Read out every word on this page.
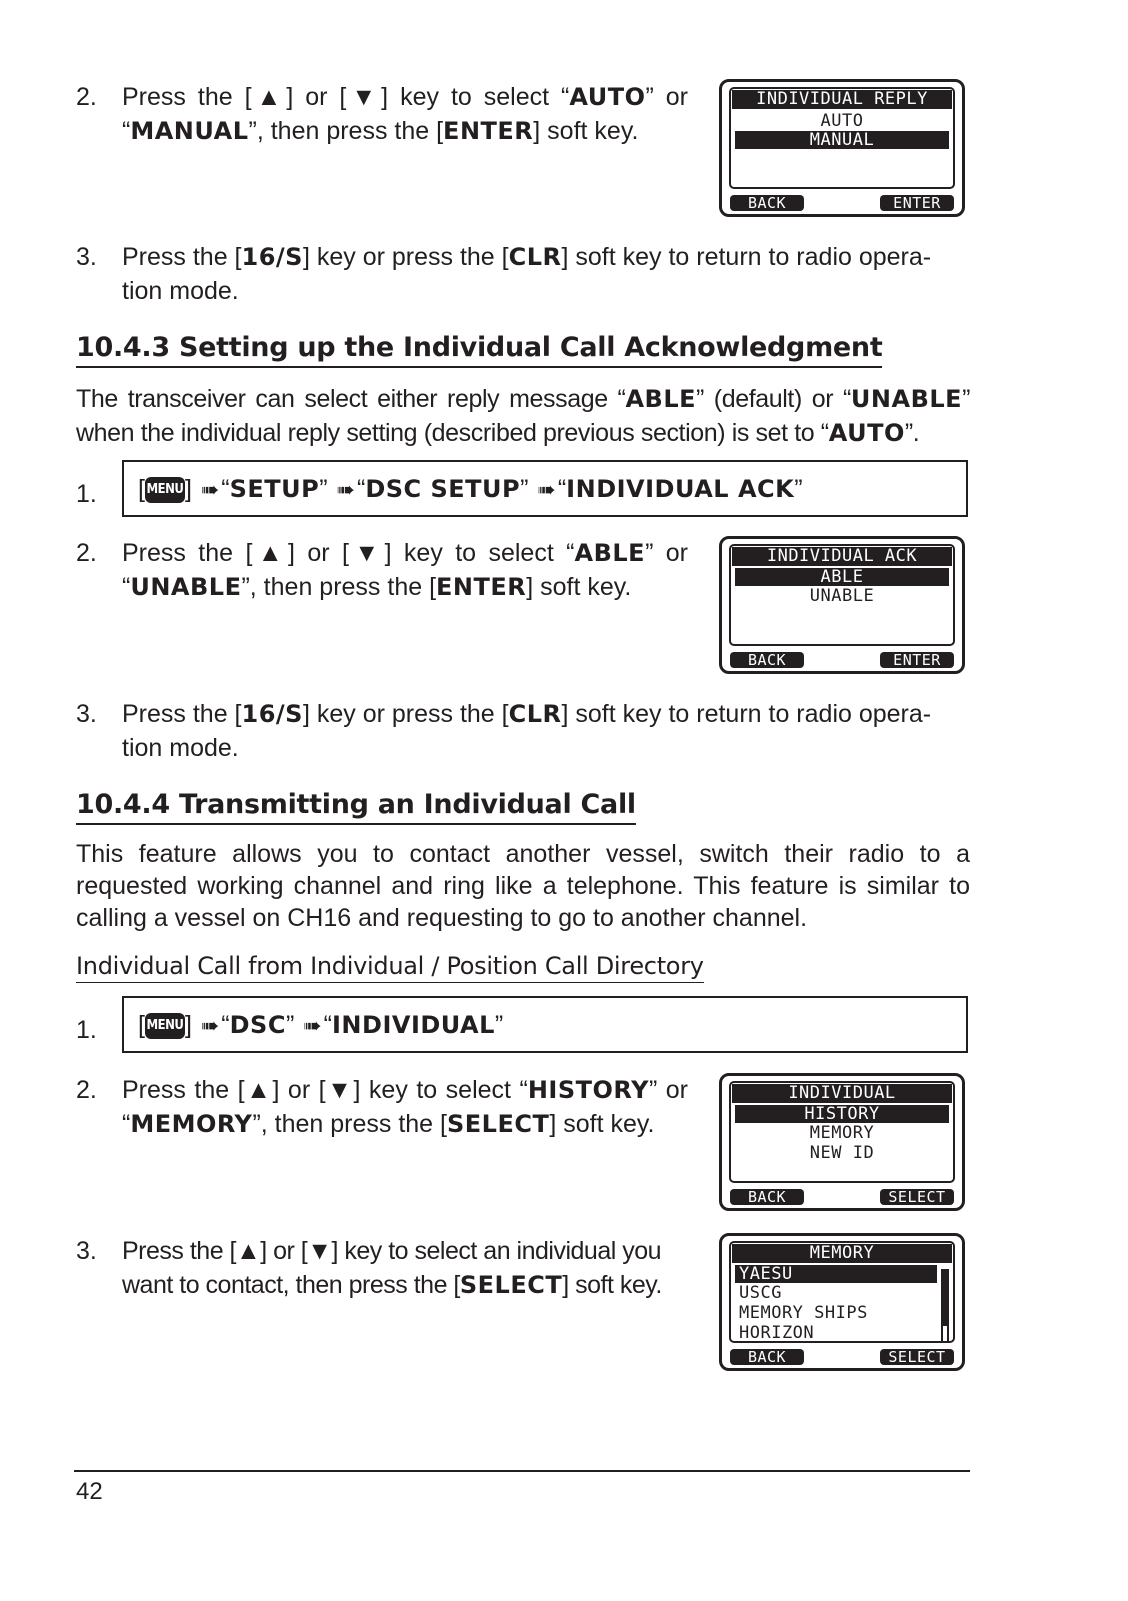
2. Press the [▲] or [▼] key to select “AUTO” or “MANUAL”, then press the [ENTER] soft key.
INDIVIDUAL REPLY
AUTO
MANUAL
BACK	ENTER
3. Press the [16/S] key or press the [CLR] soft key to return to radio opera-
tion mode.
10.4.3 Setting up the Individual Call Acknowledgment
The transceiver can select either reply message “ABLE” (default) or “UNABLE” when the individual reply setting (described previous section) is set to “AUTO”.
1. [ MENU] ➠“SETUP” ➠“DSC SETUP” ➠“INDIVIDUAL ACK”
2. Press the [▲] or [▼] key to select “ABLE” or “UNABLE”, then press the [ENTER] soft key.
INDIVIDUAL ACK
ABLE
UNABLE
BACK	ENTER
3. Press the [16/S] key or press the [CLR] soft key to return to radio opera-
tion mode.
10.4.4 Transmitting an Individual Call
This feature allows you to contact another vessel, switch their radio to a requested working channel and ring like a telephone. This feature is similar to calling a vessel on CH16 and requesting to go to another channel.
Individual Call from Individual / Position Call Directory
1. [ MENU] ➠“DSC” ➠“INDIVIDUAL”
2. Press the [▲] or [▼] key to select “HISTORY” or “MEMORY”, then press the [SELECT] soft key.
INDIVIDUAL
HISTORY
MEMORY
NEW ID
BACK	SELECT
3. Press the [▲] or [▼] key to select an individual you
want to contact, then press the [SELECT] soft key.
MEMORY
YAESU
USCG
MEMORY SHIPS
HORIZON
BACK	SELECT
42
